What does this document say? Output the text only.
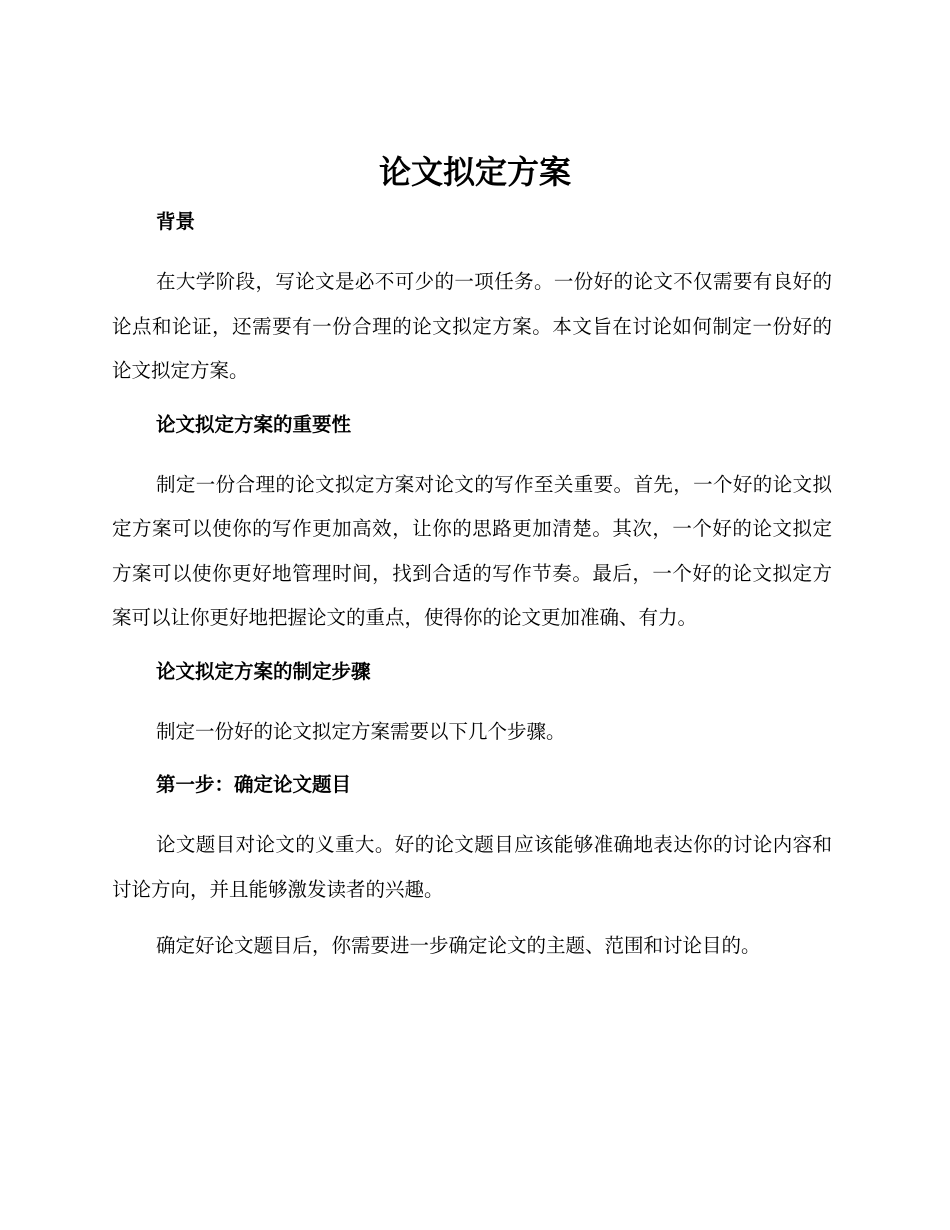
论文拟定方案
背景

在大学阶段，写论文是必不可少的一项任务。一份好的论文不仅需要有良好的论点和论证，还需要有一份合理的论文拟定方案。本文旨在讨论如何制定一份好的论文拟定方案。

论文拟定方案的重要性

制定一份合理的论文拟定方案对论文的写作至关重要。首先，一个好的论文拟定方案可以使你的写作更加高效，让你的思路更加清楚。其次，一个好的论文拟定方案可以使你更好地管理时间，找到合适的写作节奏。最后，一个好的论文拟定方案可以让你更好地把握论文的重点，使得你的论文更加准确、有力。

论文拟定方案的制定步骤

制定一份好的论文拟定方案需要以下几个步骤。

第一步：确定论文题目

论文题目对论文的义重大。好的论文题目应该能够准确地表达你的讨论内容和讨论方向，并且能够激发读者的兴趣。

确定好论文题目后，你需要进一步确定论文的主题、范围和讨论目的。
